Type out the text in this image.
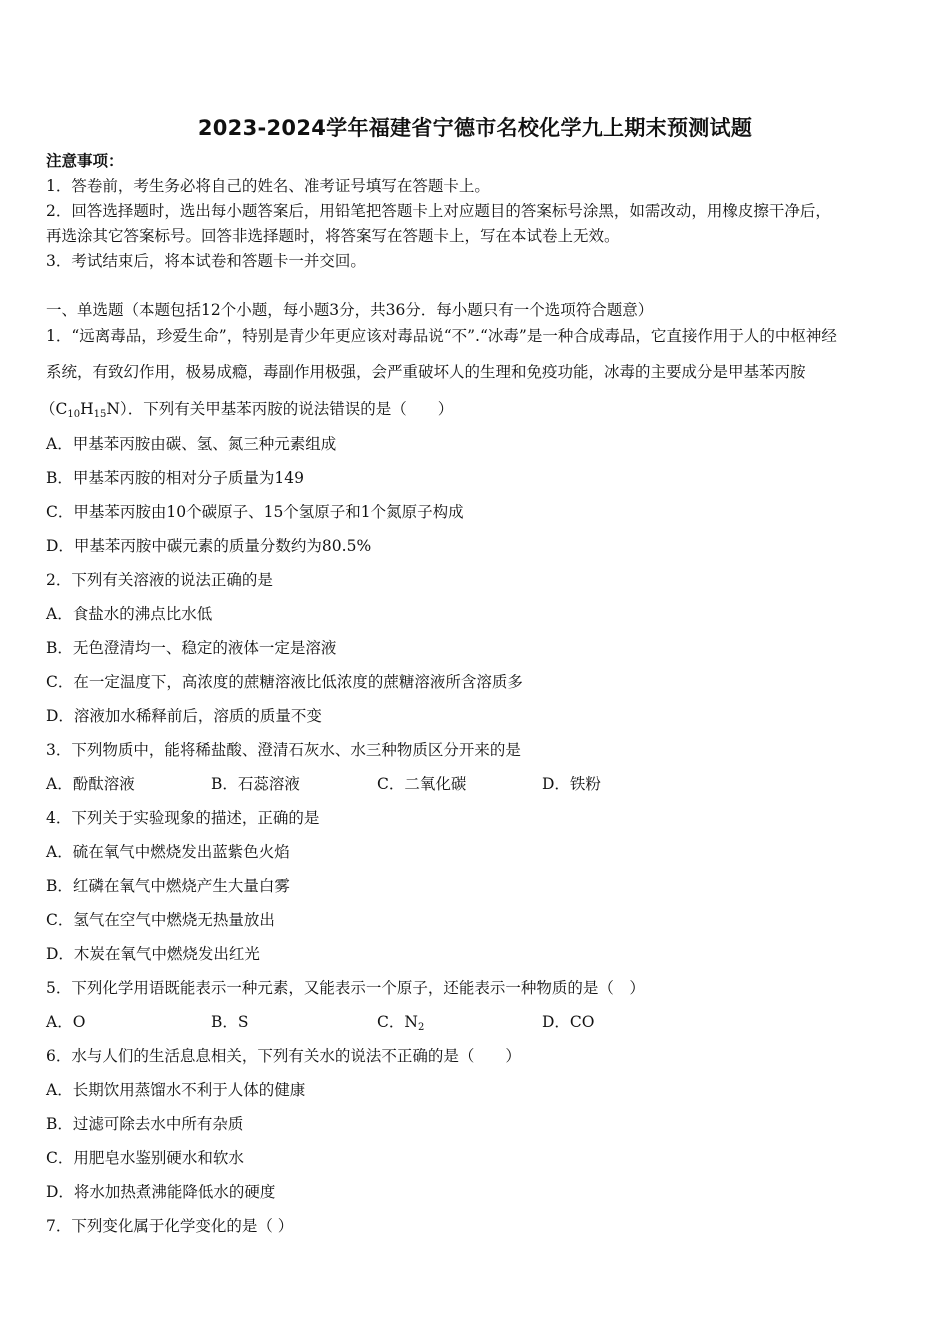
2023-2024学年福建省宁德市名校化学九上期末预测试题
注意事项：
1．答卷前，考生务必将自己的姓名、准考证号填写在答题卡上。
2．回答选择题时，选出每小题答案后，用铅笔把答题卡上对应题目的答案标号涂黑，如需改动，用橡皮擦干净后，
再选涂其它答案标号。回答非选择题时，将答案写在答题卡上，写在本试卷上无效。
3．考试结束后，将本试卷和答题卡一并交回。
一、单选题（本题包括12个小题，每小题3分，共36分．每小题只有一个选项符合题意）
1．“远离毒品，珍爱生命”，特别是青少年更应该对毒品说“不”.“冰毒”是一种合成毒品，它直接作用于人的中枢神经
系统，有致幻作用，极易成瘾，毒副作用极强，会严重破坏人的生理和免疫功能，冰毒的主要成分是甲基苯丙胺
$(C_{10}H_{15}N)$．下列有关甲基苯丙胺的说法错误的是（　　）
A．甲基苯丙胺由碳、氢、氮三种元素组成
B．甲基苯丙胺的相对分子质量为149
C．甲基苯丙胺由10个碳原子、15个氢原子和1个氮原子构成
D．甲基苯丙胺中碳元素的质量分数约为80.5%
2．下列有关溶液的说法正确的是
A．食盐水的沸点比水低
B．无色澄清均一、稳定的液体一定是溶液
C．在一定温度下，高浓度的蔗糖溶液比低浓度的蔗糖溶液所含溶质多
D．溶液加水稀释前后，溶质的质量不变
3．下列物质中，能将稀盐酸、澄清石灰水、水三种物质区分开来的是
A．酚酞溶液	B．石蕊溶液	C．二氧化碳	D．铁粉
4．下列关于实验现象的描述，正确的是
A．硫在氧气中燃烧发出蓝紫色火焰
B．红磷在氧气中燃烧产生大量白雾
C．氢气在空气中燃烧无热量放出
D．木炭在氧气中燃烧发出红光
5．下列化学用语既能表示一种元素，又能表示一个原子，还能表示一种物质的是（　）
A．O	B．S	C．$N_2$	D．CO
6．水与人们的生活息息相关，下列有关水的说法不正确的是（　　）
A．长期饮用蒸馏水不利于人体的健康
B．过滤可除去水中所有杂质
C．用肥皂水鉴别硬水和软水
D．将水加热煮沸能降低水的硬度
7．下列变化属于化学变化的是（ ）
